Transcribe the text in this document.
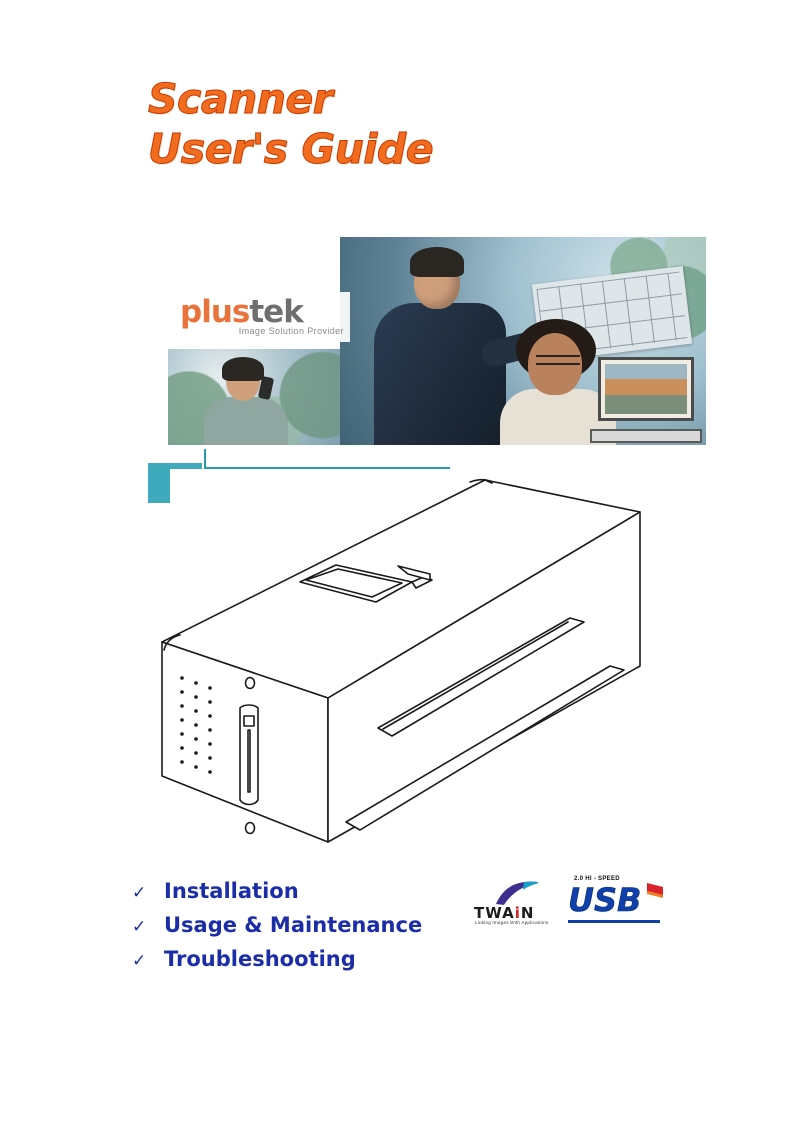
Scanner
User's Guide
plustek
Image Solution Provider
✓ Installation
✓ Usage & Maintenance
✓ Troubleshooting
TWAiN
Linking Images With Applications
2.0 HI - SPEED
USB
